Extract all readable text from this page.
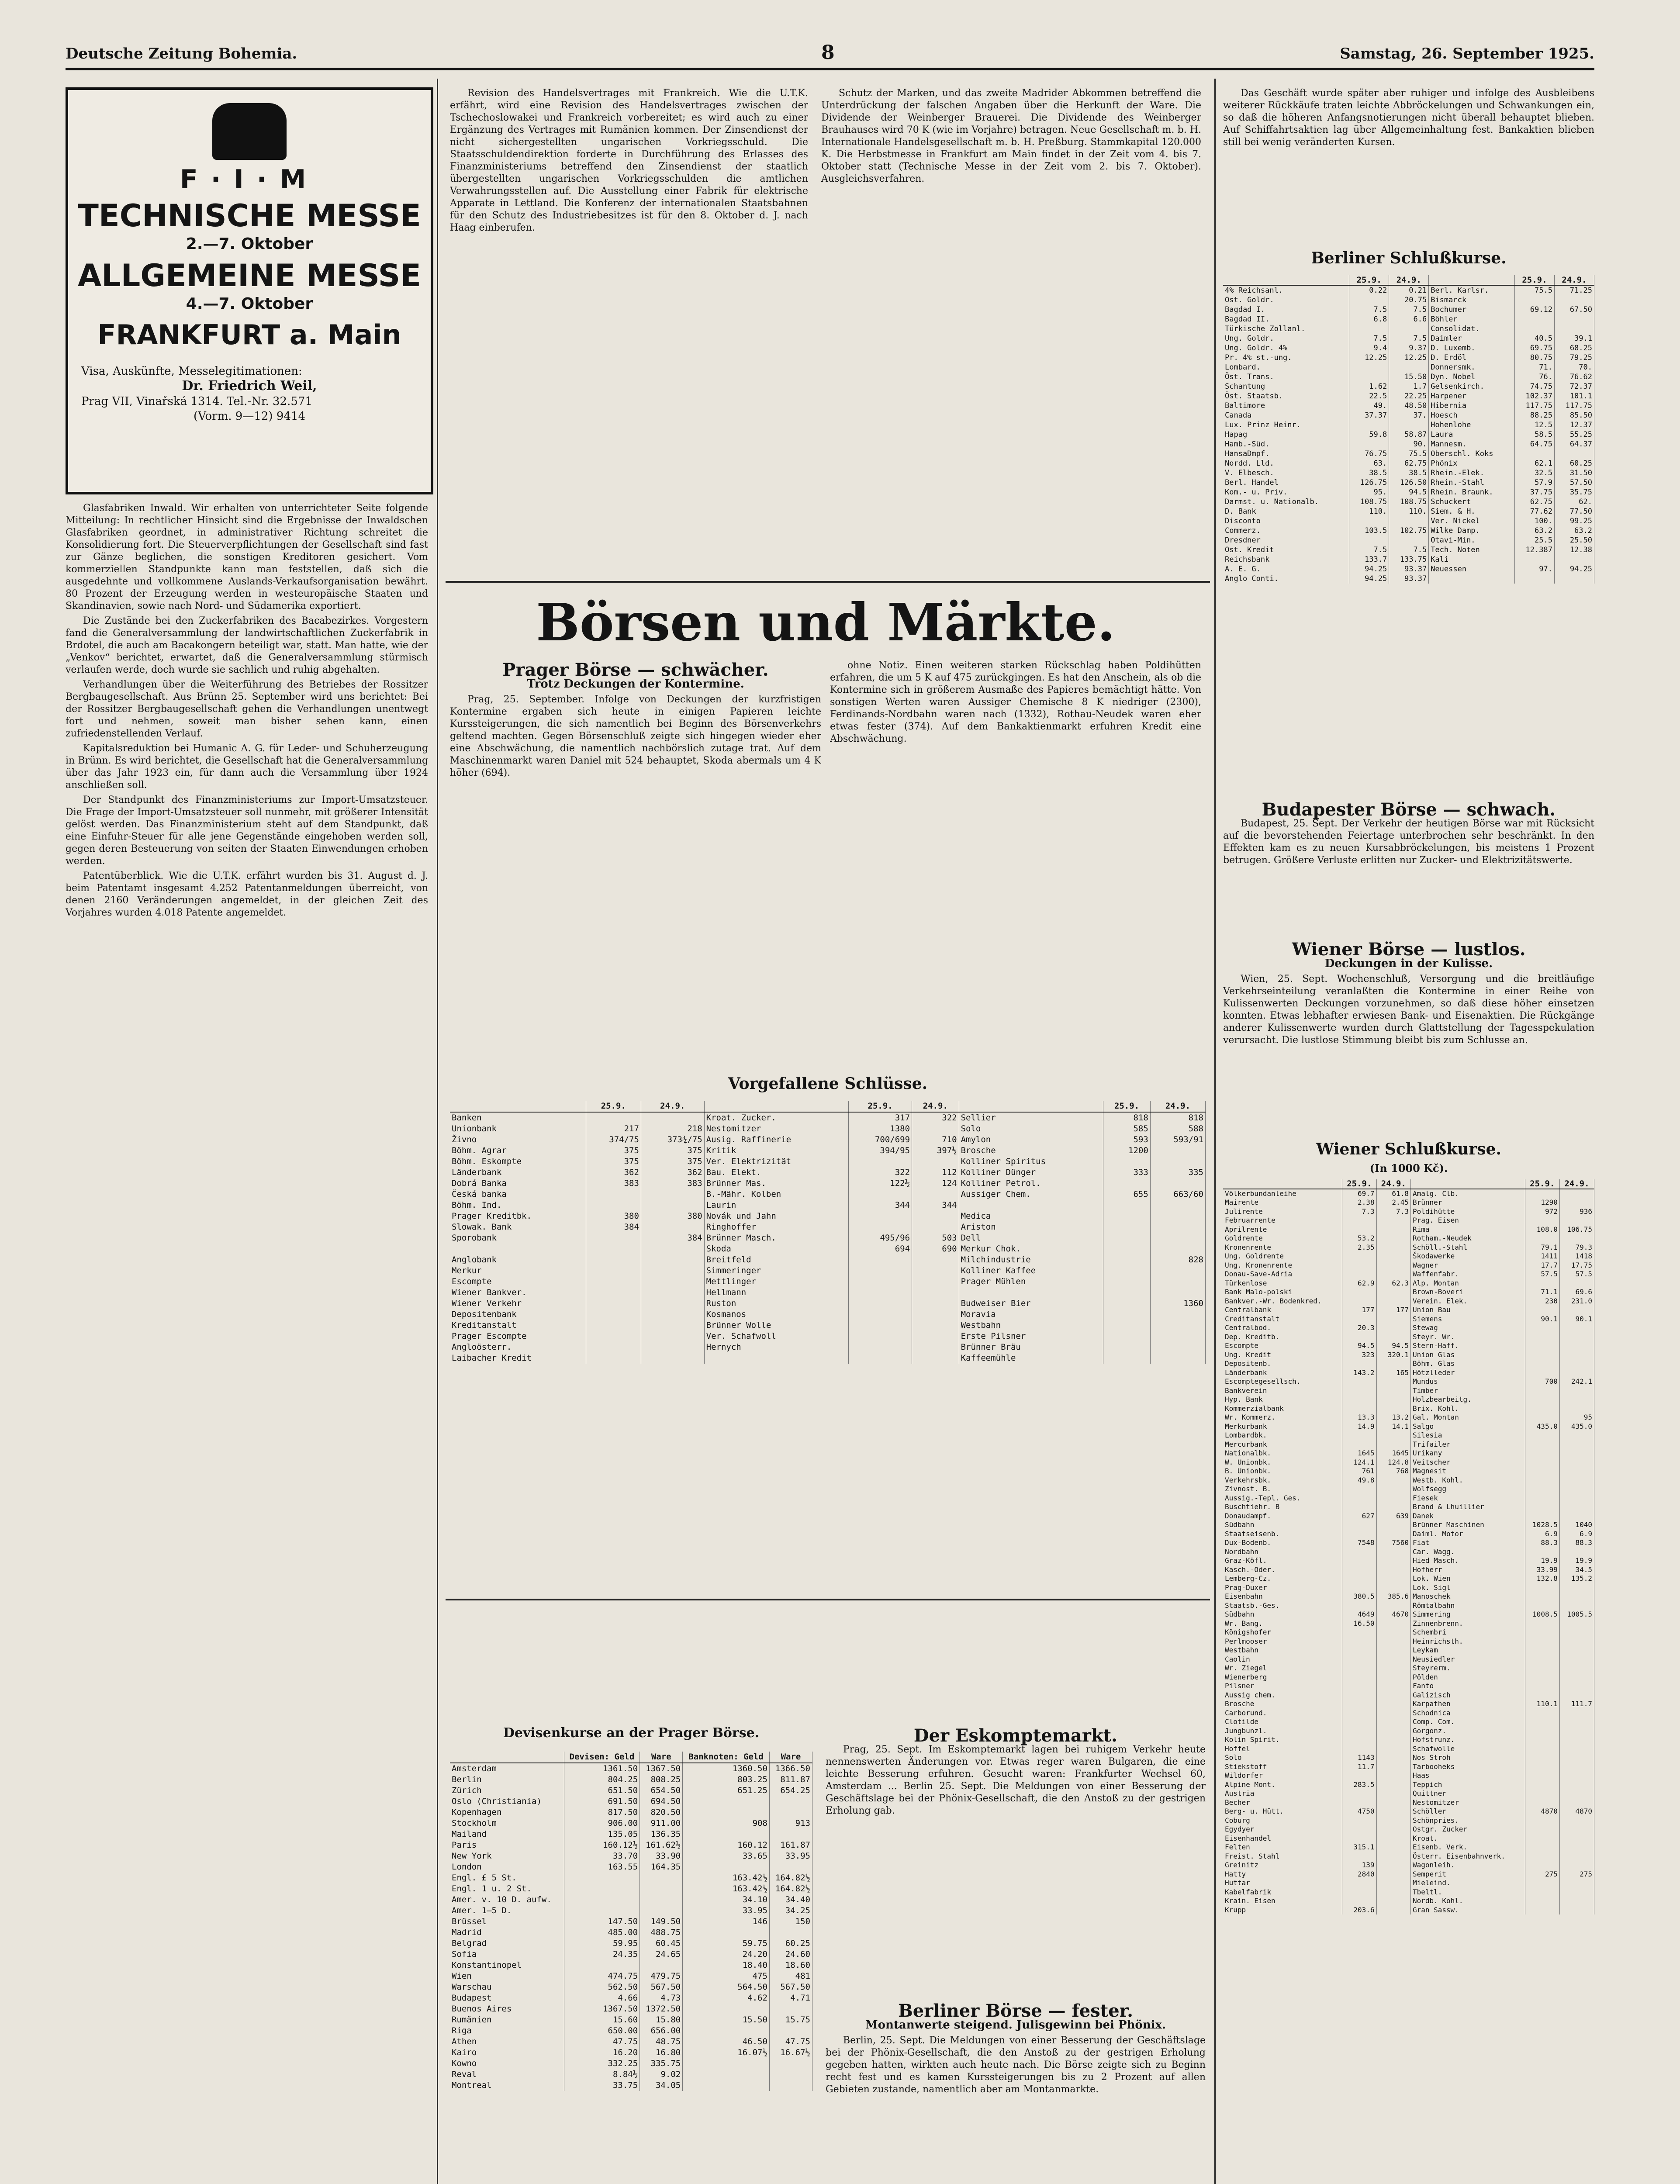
Deutsche Zeitung Bohemia.	8	Samstag, 26. September 1925.
F·I·M
TECHNISCHE MESSE
2.—7. Oktober
ALLGEMEINE MESSE
4.—7. Oktober
FRANKFURT a. Main
Visa, Auskünfte, Messelegitimationen:
Dr. Friedrich Weil,
Prag VII, Vinařská 1314. Tel.-Nr. 32.571
(Vorm. 9—12) 9414

Glasfabriken Inwald. Wir erhalten von unterrichteter Seite folgende Mitteilung: In rechtlicher Hinsicht sind die Ergebnisse der Inwaldschen Glasfabriken geordnet, in administrativer Richtung schreitet die Konsolidierung fort. Die Steuerverpflichtungen der Gesellschaft sind fast zur Gänze beglichen, die sonstigen Kreditoren gesichert. Vom kommerziellen Standpunkte kann man feststellen, daß sich die ausgedehnte und vollkommene Auslands-Verkaufsorganisation bewährt. 80 Prozent der Erzeugung werden in westeuropäische Staaten und Skandinavien, sowie nach Nord- und Südamerika exportiert.

Die Zustände bei den Zuckerfabriken des Bacabezirkes. Vorgestern fand die Generalversammlung der landwirtschaftlichen Zuckerfabrik in Brdotel, die auch am Bacakongern beteiligt war, statt. Man hatte, wie der „Venkov“ berichtet, erwartet, daß die Generalversammlung stürmisch verlaufen werde, doch wurde sie sachlich und ruhig abgehalten.

Verhandlungen über die Weiterführung des Betriebes der Rossitzer Bergbaugesellschaft. Aus Brünn 25. September wird uns berichtet: Bei der Rossitzer Bergbaugesellschaft gehen die Verhandlungen unentwegt fort und nehmen, soweit man bisher sehen kann, einen zufriedenstellenden Verlauf.

Kapitalsreduktion bei Humanic A. G. für Leder- und Schuherzeugung in Brünn. Es wird berichtet, die Gesellschaft hat die Generalversammlung über das Jahr 1923 ein, für dann auch die Versammlung über 1924 anschließen soll.

Der Standpunkt des Finanzministeriums zur Import-Umsatzsteuer. Die Frage der Import-Umsatzsteuer soll nunmehr, mit größerer Intensität gelöst werden. Das Finanzministerium steht auf dem Standpunkt, daß eine Einfuhr-Steuer für alle jene Gegenstände eingehoben werden soll, gegen deren Besteuerung von seiten der Staaten Einwendungen erhoben werden.

Patentüberblick. Wie die U.T.K. erfährt wurden bis 31. August d. J. beim Patentamt insgesamt 4.252 Patentanmeldungen überreicht, von denen 2160 Veränderungen angemeldet, in der gleichen Zeit des Vorjahres wurden 4.018 Patente angemeldet.

Revision des Handelsvertrages mit Frankreich. Wie die U.T.K. erfährt, wird eine Revision des Handelsvertrages zwischen der Tschechoslowakei und Frankreich vorbereitet; es wird auch zu einer Ergänzung des Vertrages mit Rumänien kommen. Der Zinsendienst der nicht sichergestellten ungarischen Vorkriegsschuld. Die Staatsschuldendirektion forderte in Durchführung des Erlasses des Finanzministeriums betreffend den Zinsendienst der staatlich übergestellten ungarischen Vorkriegsschulden die amtlichen Verwahrungsstellen auf. Die Ausstellung einer Fabrik für elektrische Apparate in Lettland. Die Konferenz der internationalen Staatsbahnen für den Schutz des Industriebesitzes ist für den 8. Oktober d. J. nach Haag einberufen.

Schutz der Marken, und das zweite Madrider Abkommen betreffend die Unterdrückung der falschen Angaben über die Herkunft der Ware. Die Dividende der Weinberger Brauerei. Die Dividende des Weinberger Brauhauses wird 70 K (wie im Vorjahre) betragen. Neue Gesellschaft m. b. H. Internationale Handelsgesellschaft m. b. H. Preßburg. Stammkapital 120.000 K. Die Herbstmesse in Frankfurt am Main findet in der Zeit vom 4. bis 7. Oktober statt (Technische Messe in der Zeit vom 2. bis 7. Oktober). Ausgleichsverfahren.

Börsen und Märkte.
Prager Börse — schwächer.
Trotz Deckungen der Kontermine.

Prag, 25. September. Infolge von Deckungen der kurzfristigen Kontermine ergaben sich heute in einigen Papieren leichte Kurssteigerungen, die sich namentlich bei Beginn des Börsenverkehrs geltend machten. Gegen Börsenschluß zeigte sich hingegen wieder eher eine Abschwächung, die namentlich nachbörslich zutage trat. Auf dem Maschinenmarkt waren Daniel mit 524 behauptet, Skoda abermals um 4 K höher (694).

ohne Notiz. Einen weiteren starken Rückschlag haben Poldihütten erfahren, die um 5 K auf 475 zurückgingen. Es hat den Anschein, als ob die Kontermine sich in größerem Ausmaße des Papieres bemächtigt hätte. Von sonstigen Werten waren Aussiger Chemische 8 K niedriger (2300), Ferdinands-Nordbahn waren nach (1332), Rothau-Neudek waren eher etwas fester (374). Auf dem Bankaktienmarkt erfuhren Kredit eine Abschwächung.

Vorgefallene Schlüsse.
	25.9.	24.9.		25.9.	24.9.		25.9.	24.9.
Banken			Kroat. Zucker.	317	322	Sellier	818	818
Unionbank	217	218	Nestomitzer	1380		Solo	585	588
Živno	374/75	373¾/75	Ausig. Raffinerie	700/699	710	Amylon	593	593/91
Böhm. Agrar	375	375	Kritik	394/95	397½	Brosche	1200	
Böhm. Eskompte	375	375	Ver. Elektrizität			Kolliner Spiritus		
Länderbank	362	362	Bau. Elekt.	322	112	Kolliner Dünger	333	335
Dobrá Banka	383	383	Brünner Mas.	122½	124	Kolliner Petrol.		
Česká banka			B.-Mähr. Kolben			Aussiger Chem.	655	663/60
Böhm. Ind.			Laurin	344	344			
Prager Kreditbk.	380	380	Novák und Jahn			Medica		
Slowak. Bank	384		Ringhoffer			Ariston		
Sporobank		384	Brünner Masch.	495/96	503	Dell		
			Skoda	694	690	Merkur Chok.		
Anglobank			Breitfeld			Milchindustrie		828
Merkur			Simmeringer			Kolliner Kaffee		
Escompte			Mettlinger			Prager Mühlen		
Wiener Bankver.			Hellmann					
Wiener Verkehr			Ruston			Budweiser Bier		1360
Depositenbank			Kosmanos			Moravia		
Kreditanstalt			Brünner Wolle			Westbahn		
Prager Escompte			Ver. Schafwoll			Erste Pilsner		
Angloösterr.			Hernych			Brünner Bräu		
Laibacher Kredit						Kaffeemühle		
Devisenkurse an der Prager Börse.
	Devisen: Geld	Ware	Banknoten: Geld	Ware
Amsterdam	1361.50	1367.50	1360.50	1366.50
Berlin	804.25	808.25	803.25	811.87
Zürich	651.50	654.50	651.25	654.25
Oslo (Christiania)	691.50	694.50		
Kopenhagen	817.50	820.50		
Stockholm	906.00	911.00	908	913
Mailand	135.05	136.35		
Paris	160.12½	161.62½	160.12	161.87
New York	33.70	33.90	33.65	33.95
London	163.55	164.35		
Engl. £ 5 St.			163.42½	164.82½
Engl. 1 u. 2 St.			163.42½	164.82½
Amer. v. 10 D. aufw.			34.10	34.40
Amer. 1—5 D.			33.95	34.25
Brüssel	147.50	149.50	146	150
Madrid	485.00	488.75		
Belgrad	59.95	60.45	59.75	60.25
Sofia	24.35	24.65	24.20	24.60
Konstantinopel			18.40	18.60
Wien	474.75	479.75	475	481
Warschau	562.50	567.50	564.50	567.50
Budapest	4.66	4.73	4.62	4.71
Buenos Aires	1367.50	1372.50		
Rumänien	15.60	15.80	15.50	15.75
Riga	650.00	656.00		
Athen	47.75	48.75	46.50	47.75
Kairo	16.20	16.80	16.07½	16.67½
Kowno	332.25	335.75		
Reval	8.84½	9.02		
Montreal	33.75	34.05		
Der Eskomptemarkt.

Prag, 25. Sept. Im Eskomptemarkt lagen bei ruhigem Verkehr heute nennenswerten Änderungen vor. Etwas reger waren Bulgaren, die eine leichte Besserung erfuhren. Gesucht waren: Frankfurter Wechsel 60, Amsterdam ... Berlin 25. Sept. Die Meldungen von einer Besserung der Geschäftslage bei der Phönix-Gesellschaft, die den Anstoß zu der gestrigen Erholung gab.

Berliner Börse — fester.
Montanwerte steigend. Julisgewinn bei Phönix.

Berlin, 25. Sept. Die Meldungen von einer Besserung der Geschäftslage bei der Phönix-Gesellschaft, die den Anstoß zu der gestrigen Erholung gegeben hatten, wirkten auch heute nach. Die Börse zeigte sich zu Beginn recht fest und es kamen Kurssteigerungen bis zu 2 Prozent auf allen Gebieten zustande, namentlich aber am Montanmarkte.

Das Geschäft wurde später aber ruhiger und infolge des Ausbleibens weiterer Rückkäufe traten leichte Abbröckelungen und Schwankungen ein, so daß die höheren Anfangsnotierungen nicht überall behauptet blieben. Auf Schiffahrtsaktien lag über Allgemeinhaltung fest. Bankaktien blieben still bei wenig veränderten Kursen.

Berliner Schlußkurse.
	25.9.	24.9.		25.9.	24.9.
4% Reichsanl.	0.22	0.21	Berl. Karlsr.	75.5	71.25
Ost. Goldr.		20.75	Bismarck		
Bagdad I.	7.5	7.5	Bochumer	69.12	67.50
Bagdad II.	6.8	6.6	Böhler		
Türkische Zollanl.			Consolidat.		
Ung. Goldr.	7.5	7.5	Daimler	40.5	39.1
Ung. Goldr. 4%	9.4	9.37	D. Luxemb.	69.75	68.25
Pr. 4% st.-ung.	12.25	12.25	D. Erdöl	80.75	79.25
Lombard.			Donnersmk.	71.	70.
Öst. Trans.		15.50	Dyn. Nobel	76.	76.62
Schantung	1.62	1.7	Gelsenkirch.	74.75	72.37
Öst. Staatsb.	22.5	22.25	Harpener	102.37	101.1
Baltimore	49.	48.50	Hibernia	117.75	117.75
Canada	37.37	37.	Hoesch	88.25	85.50
Lux. Prinz Heinr.			Hohenlohe	12.5	12.37
Hapag	59.8	58.87	Laura	58.5	55.25
Hamb.-Süd.		90.	Mannesm.	64.75	64.37
HansaDmpf.	76.75	75.5	Oberschl. Koks		
Nordd. Lld.	63.	62.75	Phönix	62.1	60.25
V. Elbesch.	38.5	38.5	Rhein.-Elek.	32.5	31.50
Berl. Handel	126.75	126.50	Rhein.-Stahl	57.9	57.50
Kom.- u. Priv.	95.	94.5	Rhein. Braunk.	37.75	35.75
Darmst. u. Nationalb.	108.75	108.75	Schuckert	62.75	62.
D. Bank	110.	110.	Siem. & H.	77.62	77.50
Disconto			Ver. Nickel	100.	99.25
Commerz.	103.5	102.75	Wilke Damp.	63.2	63.2
Dresdner			Otavi-Min.	25.5	25.50
Ost. Kredit	7.5	7.5	Tech. Noten	12.387	12.38
Reichsbank	133.7	133.75	Kali		
A. E. G.	94.25	93.37	Neuessen	97.	94.25
Anglo Conti.	94.25	93.37			
Budapester Börse — schwach.

Budapest, 25. Sept. Der Verkehr der heutigen Börse war mit Rücksicht auf die bevorstehenden Feiertage unterbrochen sehr beschränkt. In den Effekten kam es zu neuen Kursabbröckelungen, bis meistens 1 Prozent betrugen. Größere Verluste erlitten nur Zucker- und Elektrizitätswerte.

Wiener Börse — lustlos.
Deckungen in der Kulisse.

Wien, 25. Sept. Wochenschluß, Versorgung und die breitläufige Verkehrseinteilung veranlaßten die Kontermine in einer Reihe von Kulissenwerten Deckungen vorzunehmen, so daß diese höher einsetzen konnten. Etwas lebhafter erwiesen Bank- und Eisenaktien. Die Rückgänge anderer Kulissenwerte wurden durch Glattstellung der Tagesspekulation verursacht. Die lustlose Stimmung bleibt bis zum Schlusse an.

Wiener Schlußkurse.
(In 1000 Kč).
	25.9.	24.9.		25.9.	24.9.
Völkerbundanleihe	69.7	61.8	Amalg. Clb.		
Mairente	2.38	2.45	Brünner	1290	
Julirente	7.3	7.3	Poldihütte	972	936
Februarrente			Prag. Eisen		
Aprilrente			Rima	108.0	106.75
Goldrente	53.2		Rotham.-Neudek		
Kronenrente	2.35		Schöll.-Stahl	79.1	79.3
Ung. Goldrente			Škodawerke	1411	1418
Ung. Kronenrente			Wagner	17.7	17.75
Donau-Save-Adria			Waffenfabr.	57.5	57.5
Türkenlose	62.9	62.3	Alp. Montan		
Bank Malo-polski			Brown-Boveri	71.1	69.6
Bankver.-Wr. Bodenkred.			Verein. Elek.	230	231.0
Centralbank	177	177	Union Bau		
Creditanstalt			Siemens	90.1	90.1
Centralbod.	20.3		Stewag		
Dep. Kreditb.			Steyr. Wr.		
Escompte	94.5	94.5	Stern-Haff.		
Ung. Kredit	323	320.1	Union Glas		
Depositenb.			Böhm. Glas		
Länderbank	143.2	165	Hötzlleder		
Escomptegesellsch.			Mundus	700	242.1
Bankverein			Timber		
Hyp. Bank			Holzbearbeitg.		
Kommerzialbank			Brix. Kohl.		
Wr. Kommerz.	13.3	13.2	Gal. Montan		95
Merkurbank	14.9	14.1	Salgo	435.0	435.0
Lombardbk.			Silesia		
Mercurbank			Trifailer		
Nationalbk.	1645	1645	Urikany		
W. Unionbk.	124.1	124.8	Veitscher		
B. Unionbk.	761	768	Magnesit		
Verkehrsbk.	49.8		Westb. Kohl.		
Zivnost. B.			Wolfsegg		
Aussig.-Tepl. Ges.			Fiesek		
Buschtiehr. B			Brand & Lhuillier		
Donaudampf.	627	639	Danek		
Südbahn			Brünner Maschinen	1028.5	1040
Staatseisenb.			Daiml. Motor	6.9	6.9
Dux-Bodenb.	7548	7560	Fiat	88.3	88.3
Nordbahn			Car. Wagg.		
Graz-Köfl.			Hied Masch.	19.9	19.9
Kasch.-Oder.			Hofherr	33.99	34.5
Lemberg-Cz.			Lok. Wien	132.8	135.2
Prag-Duxer			Lok. Sigl		
Eisenbahn	380.5	385.6	Manoschek		
Staatsb.-Ges.			Römtalbahn		
Südbahn	4649	4670	Simmering	1008.5	1005.5
Wr. Bang.	16.50		Zinnenbrenn.		
Königshofer			Schembri		
Perlmooser			Heinrichsth.		
Westbahn			Leykam		
Caolin			Neusiedler		
Wr. Ziegel			Steyrerm.		
Wienerberg			Pölden		
Pilsner			Fanto		
Aussig chem.			Galizisch		
Brosche			Karpathen	110.1	111.7
Carborund.			Schodnica		
Clotilde			Comp. Com.		
Jungbunzl.			Gorgonz.		
Kolin Spirit.			Hofstrunz.		
Hoffel			Schafwolle		
Solo	1143		Nos Stroh		
Stiekstoff	11.7		Tarbooheks		
Wildorfer			Haas		
Alpine Mont.	283.5		Teppich		
Austria			Quittner		
Becher			Nestomitzer		
Berg- u. Hütt.	4750		Schöller	4870	4870
Coburg			Schönpries.		
Egydyer			Ostgr. Zucker		
Eisenhandel			Kroat.		
Felten	315.1		Eisenb. Verk.		
Freist. Stahl			Österr. Eisenbahnverk.		
Greinitz	139		Wagonleih.		
Hatty	2840		Semperit	275	275
Huttar			Mieleind.		
Kabelfabrik			Tbeltl.		
Krain. Eisen			Nordb. Kohl.		
Krupp	203.6		Gran Sassw.		
